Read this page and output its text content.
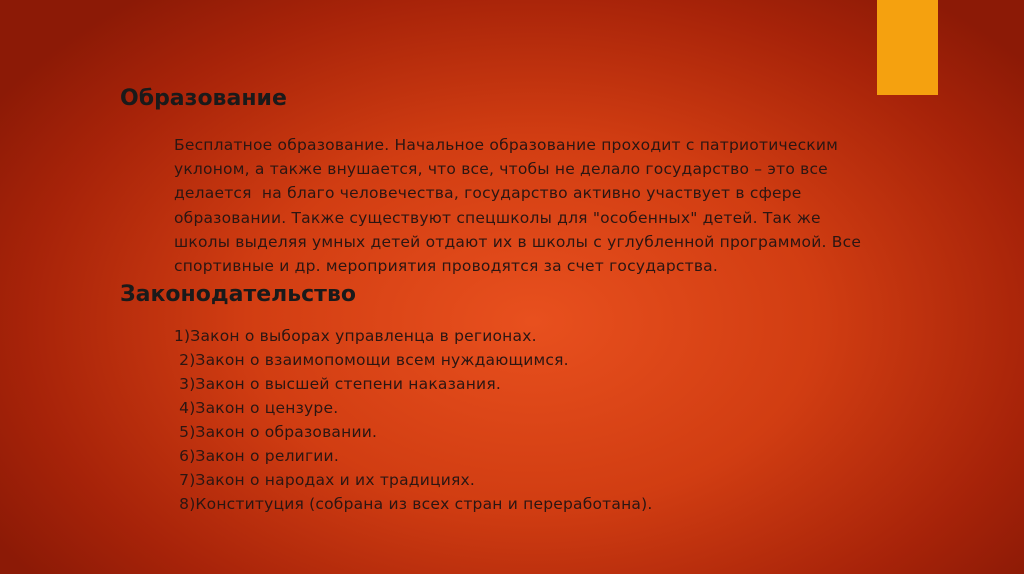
Образование
Бесплатное образование. Начальное образование проходит с патриотическим
уклоном, а также внушается, что все, чтобы не делало государство – это все
делается  на благо человечества, государство активно участвует в сфере
образовании. Также существуют спецшколы для "особенных" детей. Так же
школы выделяя умных детей отдают их в школы с углубленной программой. Все
спортивные и др. мероприятия проводятся за счет государства.
Законодательство
1)Закон о выборах управленца в регионах.
2)Закон о взаимопомощи всем нуждающимся.
3)Закон о высшей степени наказания.
4)Закон о цензуре.
5)Закон о образовании.
6)Закон о религии.
7)Закон о народах и их традициях.
8)Конституция (собрана из всех стран и переработана).
